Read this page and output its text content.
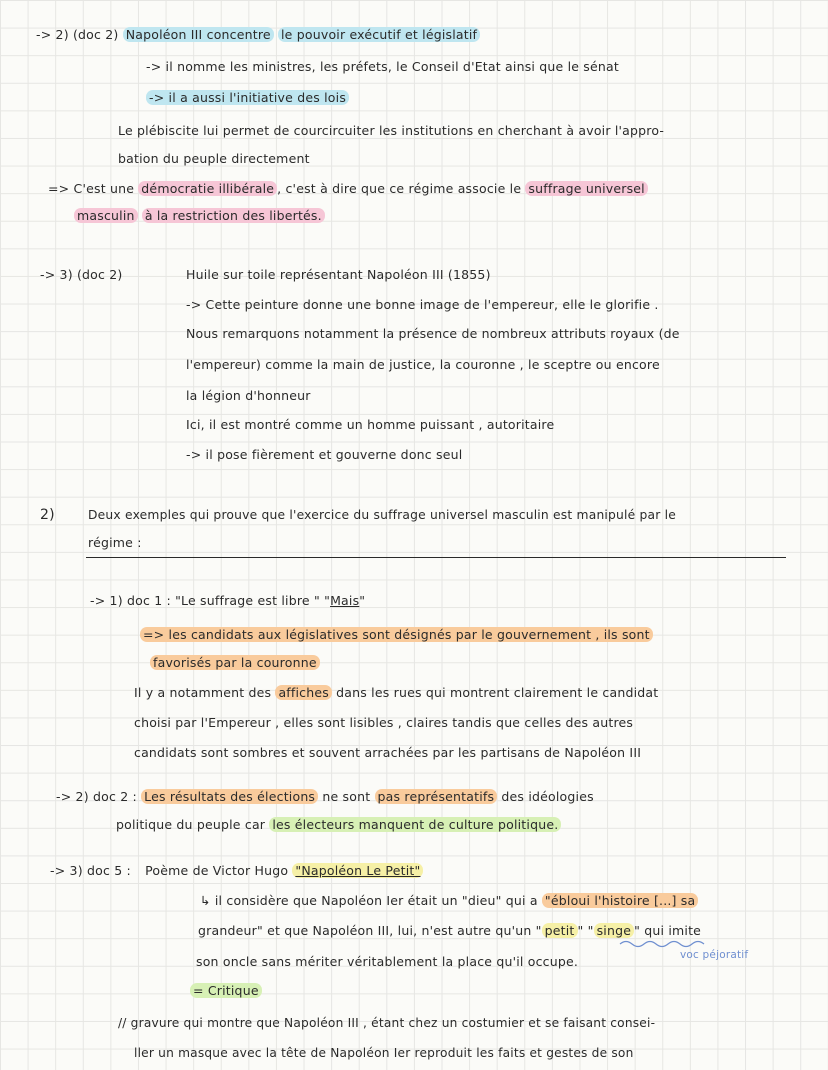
-> 2) (doc 2) Napoléon III concentre le pouvoir exécutif et législatif
-> il nomme les ministres, les préfets, le Conseil d'Etat ainsi que le sénat
-> il a aussi l'initiative des lois
Le plébiscite lui permet de courcircuiter les institutions en cherchant à avoir l'appro-
bation du peuple directement
=> C'est une démocratie illibérale , c'est à dire que ce régime associe le suffrage universel
masculin à la restriction des libertés.
-> 3) (doc 2)	Huile sur toile représentant Napoléon III (1855)
-> Cette peinture donne une bonne image de l'empereur, elle le glorifie .
Nous remarquons notamment la présence de nombreux attributs royaux (de
l'empereur) comme la main de justice, la couronne , le sceptre ou encore
la légion d'honneur
Ici, il est montré comme un homme puissant , autoritaire
-> il pose fièrement et gouverne donc seul
2)	Deux exemples qui prouve que l'exercice du suffrage universel masculin est manipulé par le
régime :
-> 1) doc 1 : "Le suffrage est libre " "Mais"
=> les candidats aux législatives sont désignés par le gouvernement , ils sont
favorisés par la couronne
Il y a notamment des affiches dans les rues qui montrent clairement le candidat
choisi par l'Empereur , elles sont lisibles , claires tandis que celles des autres
candidats sont sombres et souvent arrachées par les partisans de Napoléon III
-> 2) doc 2 : Les résultats des élections ne sont pas représentatifs des idéologies
politique du peuple car les électeurs manquent de culture politique.
-> 3) doc 5 : Poème de Victor Hugo "Napoléon Le Petit"
↳ il considère que Napoléon Ier était un "dieu" qui a "ébloui l'histoire [...] sa
grandeur" et que Napoléon III, lui, n'est autre qu'un " petit " " singe " qui imite
voc péjoratif
son oncle sans mériter véritablement la place qu'il occupe.
= Critique
// gravure qui montre que Napoléon III , étant chez un costumier et se faisant consei-
ller un masque avec la tête de Napoléon Ier reproduit les faits et gestes de son
